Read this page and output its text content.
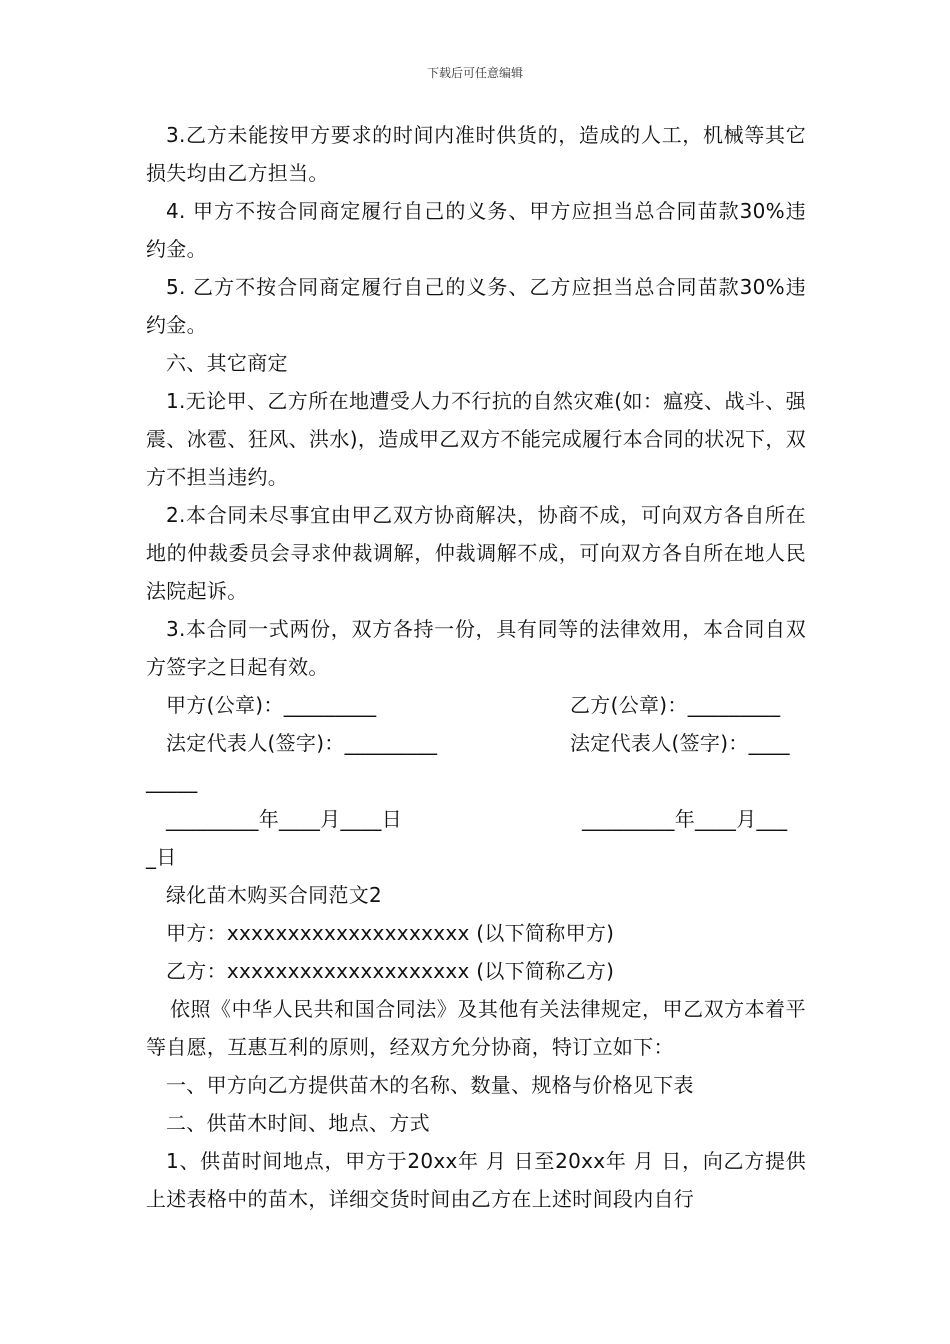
下载后可任意编辑

3.乙方未能按甲方要求的时间内准时供货的，造成的人工，机械等其它损失均由乙方担当。

4. 甲方不按合同商定履行自己的义务、甲方应担当总合同苗款30%违约金。

5. 乙方不按合同商定履行自己的义务、乙方应担当总合同苗款30%违约金。

六、其它商定

1.无论甲、乙方所在地遭受人力不行抗的自然灾难(如：瘟疫、战斗、强震、冰雹、狂风、洪水)，造成甲乙双方不能完成履行本合同的状况下，双方不担当违约。

2.本合同未尽事宜由甲乙双方协商解决，协商不成，可向双方各自所在地的仲裁委员会寻求仲裁调解，仲裁调解不成，可向双方各自所在地人民法院起诉。

3.本合同一式两份，双方各持一份，具有同等的法律效用，本合同自双方签字之日起有效。

甲方(公章)：_________	乙方(公章)：_________
法定代表人(签字)：_________	法定代表人(签字)：____
_____
_________年____月____日	_________年____月___
_日

绿化苗木购买合同范文2

甲方：xxxxxxxxxxxxxxxxxxxx (以下简称甲方)

乙方：xxxxxxxxxxxxxxxxxxxx (以下简称乙方)

依照《中华人民共和国合同法》及其他有关法律规定，甲乙双方本着平等自愿，互惠互利的原则，经双方允分协商，特订立如下：

一、甲方向乙方提供苗木的名称、数量、规格与价格见下表

二、供苗木时间、地点、方式

1、供苗时间地点，甲方于20xx年 月 日至20xx年 月 日，向乙方提供上述表格中的苗木，详细交货时间由乙方在上述时间段内自行
